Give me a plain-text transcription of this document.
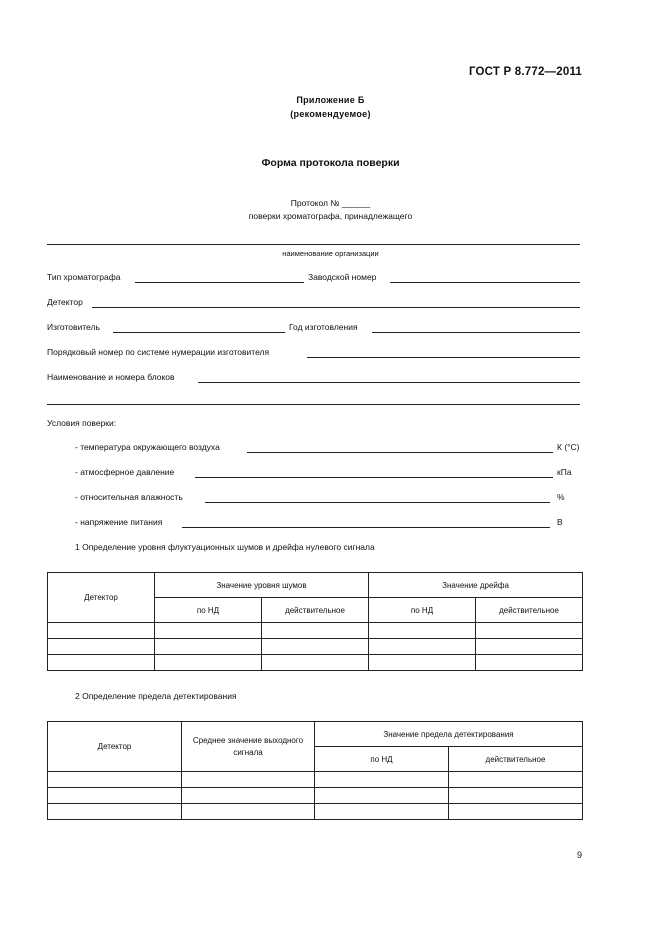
ГОСТ Р 8.772—2011
Приложение Б
(рекомендуемое)
Форма протокола поверки
Протокол № ______
поверки хроматографа, принадлежащего
наименование организации
Тип хроматографа	Заводской номер
Детектор
Изготовитель	Год изготовления
Порядковый номер по системе нумерации изготовителя
Наименование и номера блоков
Условия поверки:
- температура окружающего воздуха	К (°С)
- атмосферное давление	кПа
- относительная влажность	%
- напряжение питания	В
1 Определение уровня флуктуационных шумов и дрейфа нулевого сигнала
Детектор	Значение уровня шумов		Значение дрейфа	
	по НД	действительное	по НД	действительное

2 Определение предела детектирования
Детектор	Среднее значение выходного сигнала	Значение предела детектирования	
		по НД	действительное

9
